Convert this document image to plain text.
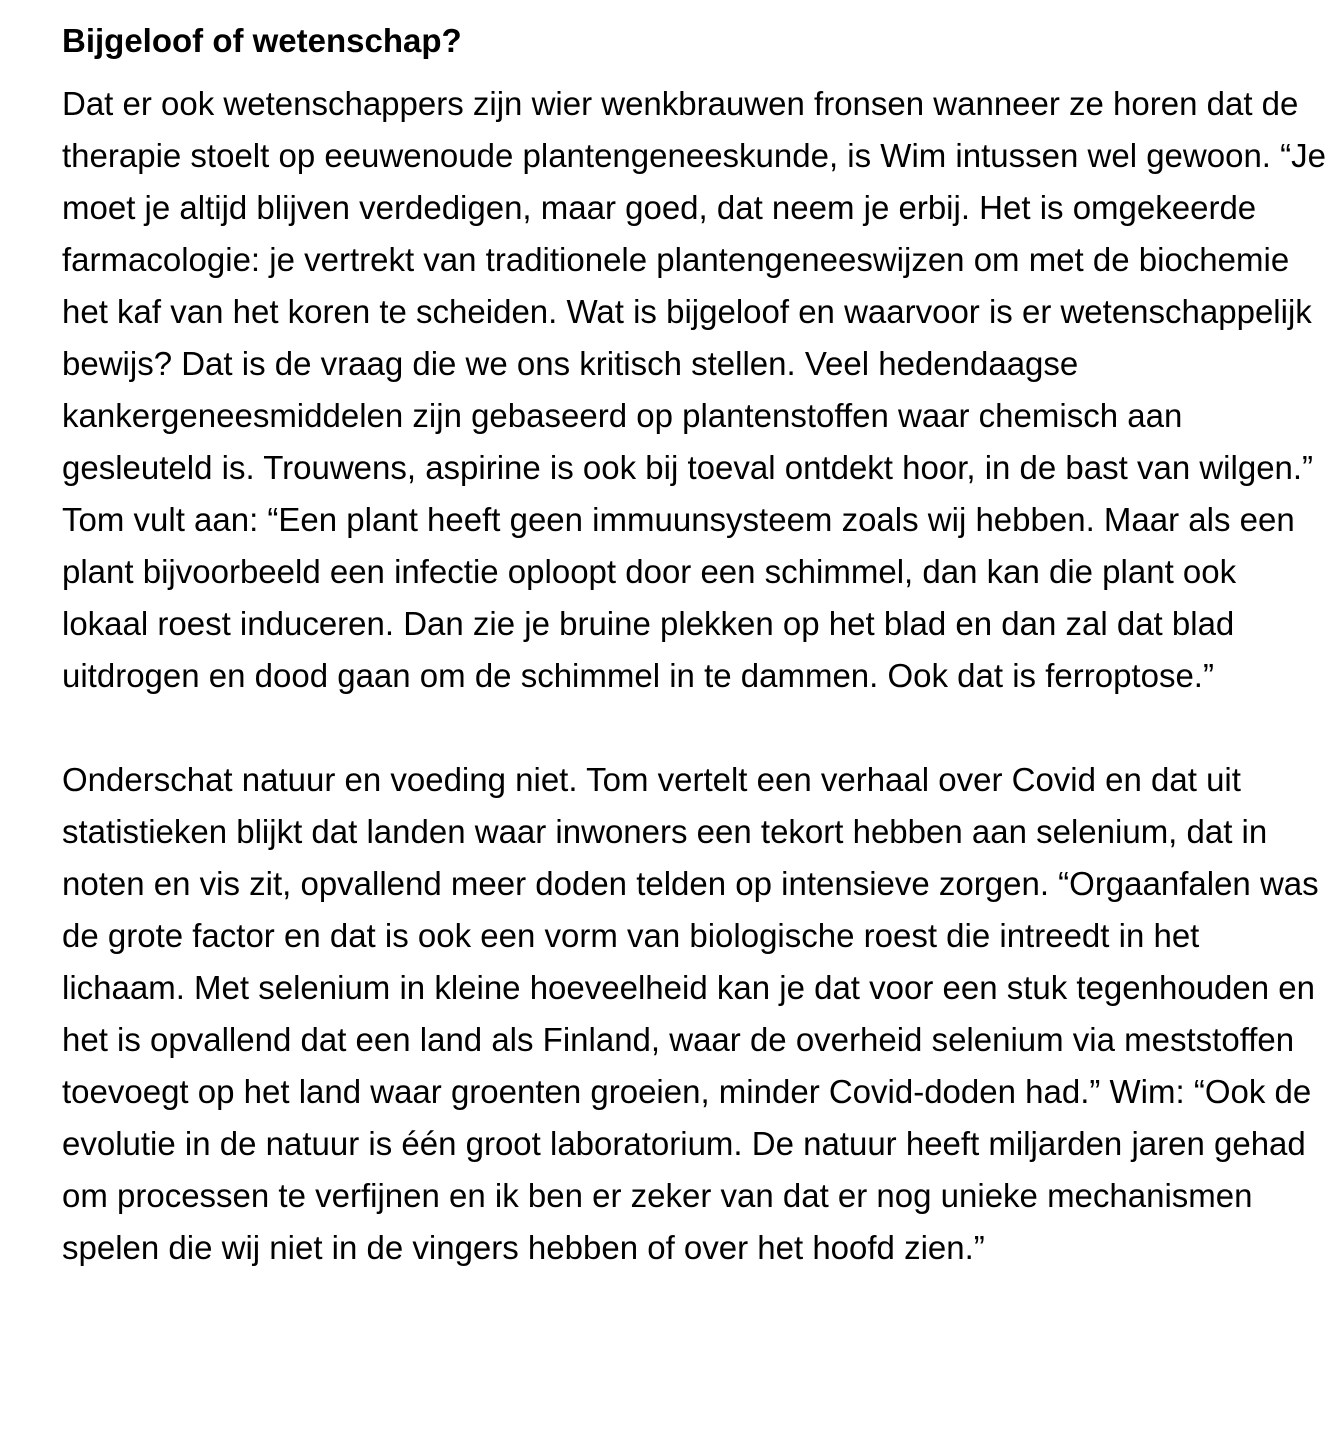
Bijgeloof of wetenschap?

Dat er ook wetenschappers zijn wier wenkbrauwen fronsen wanneer ze horen dat de therapie stoelt op eeuwenoude plantengeneeskunde, is Wim intussen wel gewoon. “Je moet je altijd blijven verdedigen, maar goed, dat neem je erbij. Het is omgekeerde farmacologie: je vertrekt van traditionele plantengeneeswijzen om met de biochemie het kaf van het koren te scheiden. Wat is bijgeloof en waarvoor is er wetenschappelijk bewijs? Dat is de vraag die we ons kritisch stellen. Veel hedendaagse kankergeneesmiddelen zijn gebaseerd op plantenstoffen waar chemisch aan gesleuteld is. Trouwens, aspirine is ook bij toeval ontdekt hoor, in de bast van wilgen.” Tom vult aan: “Een plant heeft geen immuunsysteem zoals wij hebben. Maar als een plant bijvoorbeeld een infectie oploopt door een schimmel, dan kan die plant ook lokaal roest induceren. Dan zie je bruine plekken op het blad en dan zal dat blad uitdrogen en dood gaan om de schimmel in te dammen. Ook dat is ferroptose.”

Onderschat natuur en voeding niet. Tom vertelt een verhaal over Covid en dat uit statistieken blijkt dat landen waar inwoners een tekort hebben aan selenium, dat in noten en vis zit, opvallend meer doden telden op intensieve zorgen. “Orgaanfalen was de grote factor en dat is ook een vorm van biologische roest die intreedt in het lichaam. Met selenium in kleine hoeveelheid kan je dat voor een stuk tegenhouden en het is opvallend dat een land als Finland, waar de overheid selenium via meststoffen toevoegt op het land waar groenten groeien, minder Covid-doden had.” Wim: “Ook de evolutie in de natuur is één groot laboratorium. De natuur heeft miljarden jaren gehad om processen te verfijnen en ik ben er zeker van dat er nog unieke mechanismen spelen die wij niet in de vingers hebben of over het hoofd zien.”
